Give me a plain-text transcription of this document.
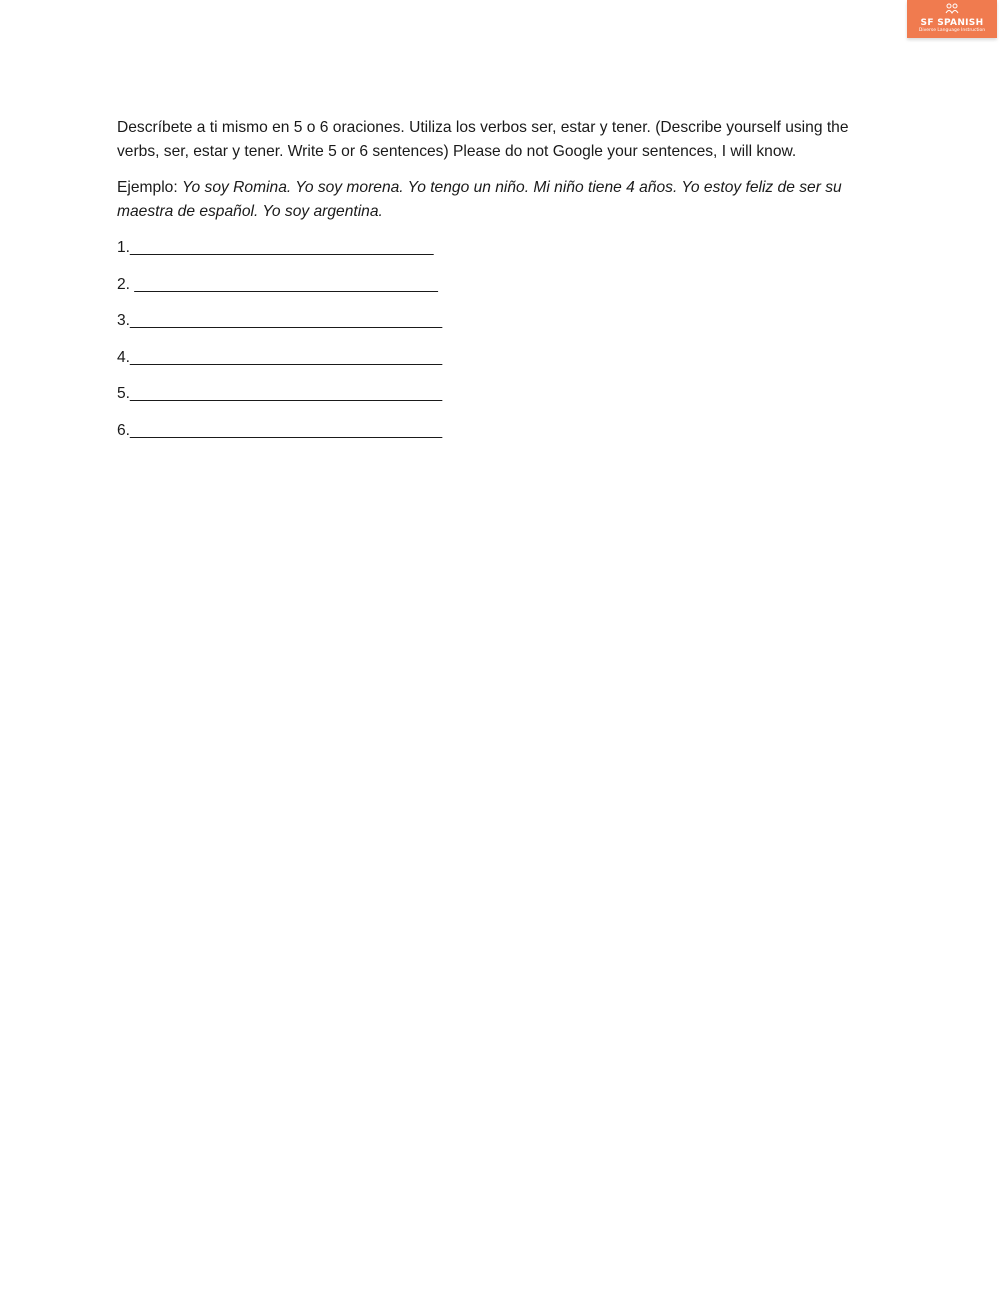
SF SPANISH
Diverse Language Instruction

Descríbete a ti mismo en 5 o 6 oraciones. Utiliza los verbos ser, estar y tener. (Describe yourself using the verbs, ser, estar y tener. Write 5 or 6 sentences) Please do not Google your sentences, I will know.

Ejemplo: Yo soy Romina. Yo soy morena. Yo tengo un niño. Mi niño tiene 4 años. Yo estoy feliz de ser su maestra de español. Yo soy argentina.

1.___________________________________

2. ___________________________________

3.____________________________________

4.____________________________________

5.____________________________________

6.____________________________________
